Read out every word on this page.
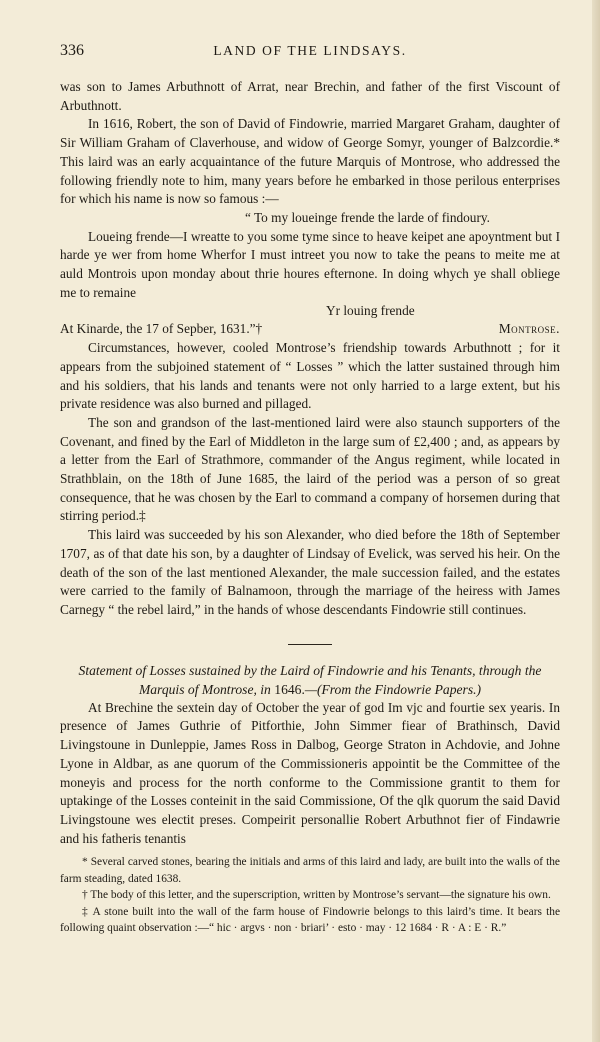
336	LAND OF THE LINDSAYS.

was son to James Arbuthnott of Arrat, near Brechin, and father of the first Viscount of Arbuthnott.

In 1616, Robert, the son of David of Findowrie, married Margaret Graham, daughter of Sir William Graham of Claverhouse, and widow of George Somyr, younger of Balzcordie.* This laird was an early acquaintance of the future Marquis of Montrose, who addressed the following friendly note to him, many years before he embarked in those perilous enterprises for which his name is now so famous :—

“ To my loueinge frende the larde of findoury.

Loueing frende—I wreatte to you some tyme since to heave keipet ane apoyntment but I harde ye wer from home Wherfor I must intreet you now to take the peans to meite me at auld Montrois upon monday about thrie houres efternone. In doing whych ye shall obliege me to remaine

Yr louing frende

At Kinarde, the 17 of Sepber, 1631.”†	Montrose.

Circumstances, however, cooled Montrose’s friendship towards Arbuthnott ; for it appears from the subjoined statement of “ Losses ” which the latter sustained through him and his soldiers, that his lands and tenants were not only harried to a large extent, but his private residence was also burned and pillaged.

The son and grandson of the last-mentioned laird were also staunch supporters of the Covenant, and fined by the Earl of Middleton in the large sum of £2,400 ; and, as appears by a letter from the Earl of Strathmore, commander of the Angus regiment, while located in Strathblain, on the 18th of June 1685, the laird of the period was a person of so great consequence, that he was chosen by the Earl to command a company of horsemen during that stirring period.‡

This laird was succeeded by his son Alexander, who died before the 18th of September 1707, as of that date his son, by a daughter of Lindsay of Evelick, was served his heir. On the death of the son of the last mentioned Alexander, the male succession failed, and the estates were carried to the family of Balnamoon, through the marriage of the heiress with James Carnegy “ the rebel laird,” in the hands of whose descendants Findowrie still continues.

Statement of Losses sustained by the Laird of Findowrie and his Tenants, through the Marquis of Montrose, in 1646.—(From the Findowrie Papers.)

At Brechine the sextein day of October the year of god Im vjc and fourtie sex yearis. In presence of James Guthrie of Pitforthie, John Simmer fiear of Brathinsch, David Livingstoune in Dunleppie, James Ross in Dalbog, George Straton in Achdovie, and Johne Lyone in Aldbar, as ane quorum of the Commissioneris appointit be the Committee of the moneyis and process for the north conforme to the Commissione grantit to them for uptakinge of the Losses conteinit in the said Commissione, Of the qlk quorum the said David Livingstoune wes electit preses. Compeirit personallie Robert Arbuthnot fier of Findawrie and his fatheris tenantis

* Several carved stones, bearing the initials and arms of this laird and lady, are built into the walls of the farm steading, dated 1638.

† The body of this letter, and the superscription, written by Montrose’s servant—the signature his own.

‡ A stone built into the wall of the farm house of Findowrie belongs to this laird’s time. It bears the following quaint observation :—“ hic · argvs · non · briari’ · esto · may · 12 1684 · R · A : E · R.”
